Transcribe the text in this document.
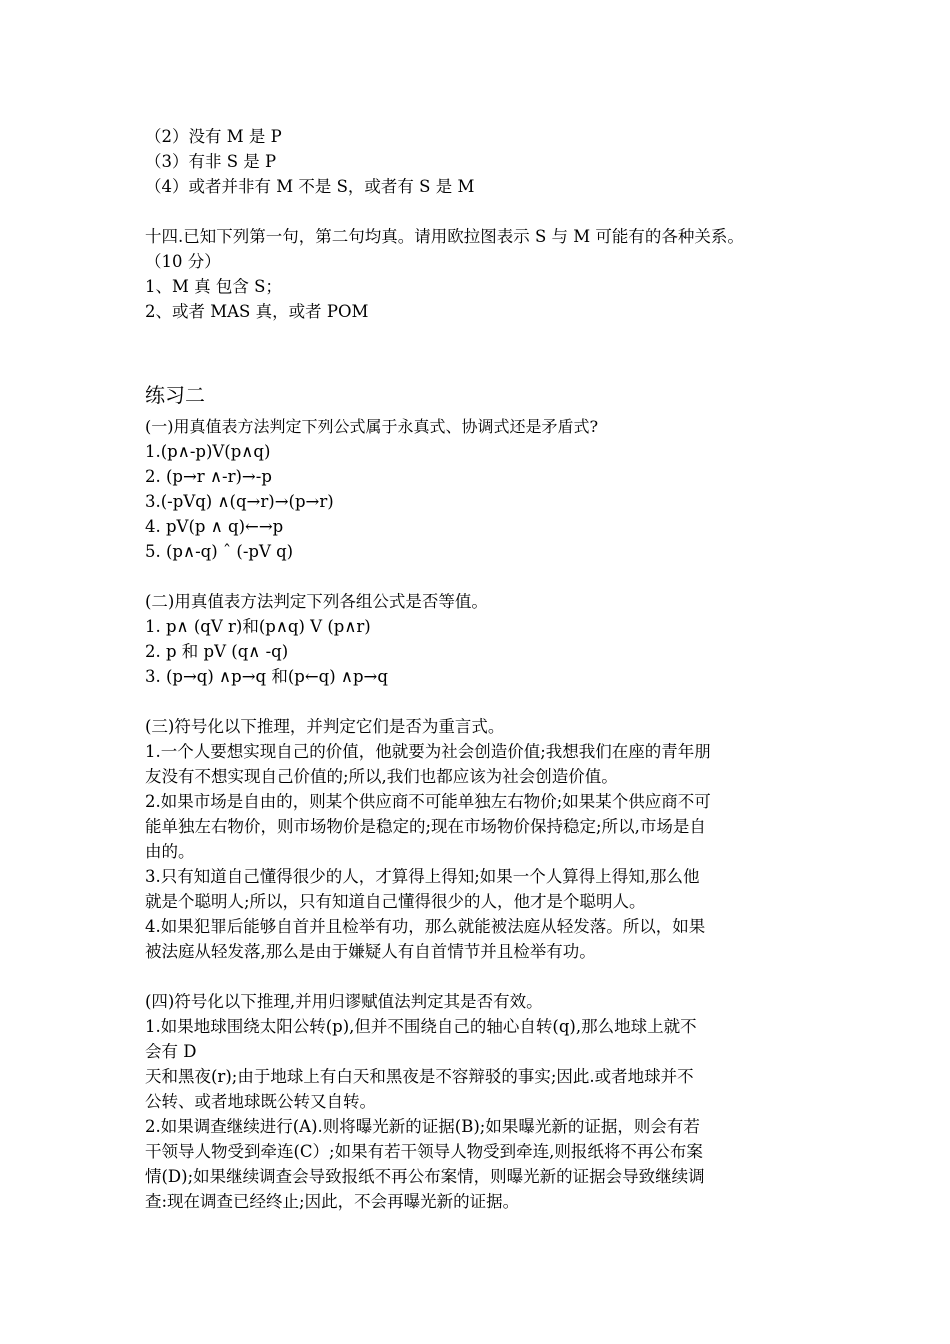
（2）没有 M 是 P
（3）有非 S 是 P
（4）或者并非有 M 不是 S，或者有 S 是 M
十四.已知下列第一句，第二句均真。请用欧拉图表示 S 与 M 可能有的各种关系。
（10 分）
1、M 真 包含 S；
2、或者 MAS 真，或者 POM
练习二
(一)用真值表方法判定下列公式属于永真式、协调式还是矛盾式?
1.(p∧-p)V(p∧q)
2. (p→r ∧-r)→-p
3.(-pVq) ∧(q→r)→(p→r)
4. pV(p ∧ q)←→p
5. (p∧-q) ˆ (-pV q)
(二)用真值表方法判定下列各组公式是否等值。
1. p∧ (qV r)和(p∧q) V (p∧r)
2. p 和 pV (q∧ -q)
3. (p→q) ∧p→q 和(p←q) ∧p→q
(三)符号化以下推理，并判定它们是否为重言式。
1.一个人要想实现自己的价值，他就要为社会创造价值;我想我们在座的青年朋
友没有不想实现自己价值的;所以,我们也都应该为社会创造价值。
2.如果市场是自由的，则某个供应商不可能单独左右物价;如果某个供应商不可
能单独左右物价，则市场物价是稳定的;现在市场物价保持稳定;所以,市场是自
由的。
3.只有知道自己懂得很少的人，才算得上得知;如果一个人算得上得知,那么他
就是个聪明人;所以，只有知道自己懂得很少的人，他才是个聪明人。
4.如果犯罪后能够自首并且检举有功，那么就能被法庭从轻发落。所以，如果
被法庭从轻发落,那么是由于嫌疑人有自首情节并且检举有功。
(四)符号化以下推理,并用归谬赋值法判定其是否有效。
1.如果地球围绕太阳公转(p),但并不围绕自己的轴心自转(q),那么地球上就不
会有 D
天和黑夜(r);由于地球上有白天和黑夜是不容辩驳的事实;因此.或者地球并不
公转、或者地球既公转又自转。
2.如果调查继续进行(A).则将曝光新的证据(B);如果曝光新的证据，则会有若
干领导人物受到牵连(C）;如果有若干领导人物受到牵连,则报纸将不再公布案
情(D);如果继续调查会导致报纸不再公布案情，则曝光新的证据会导致继续调
查:现在调查已经终止;因此，不会再曝光新的证据。
